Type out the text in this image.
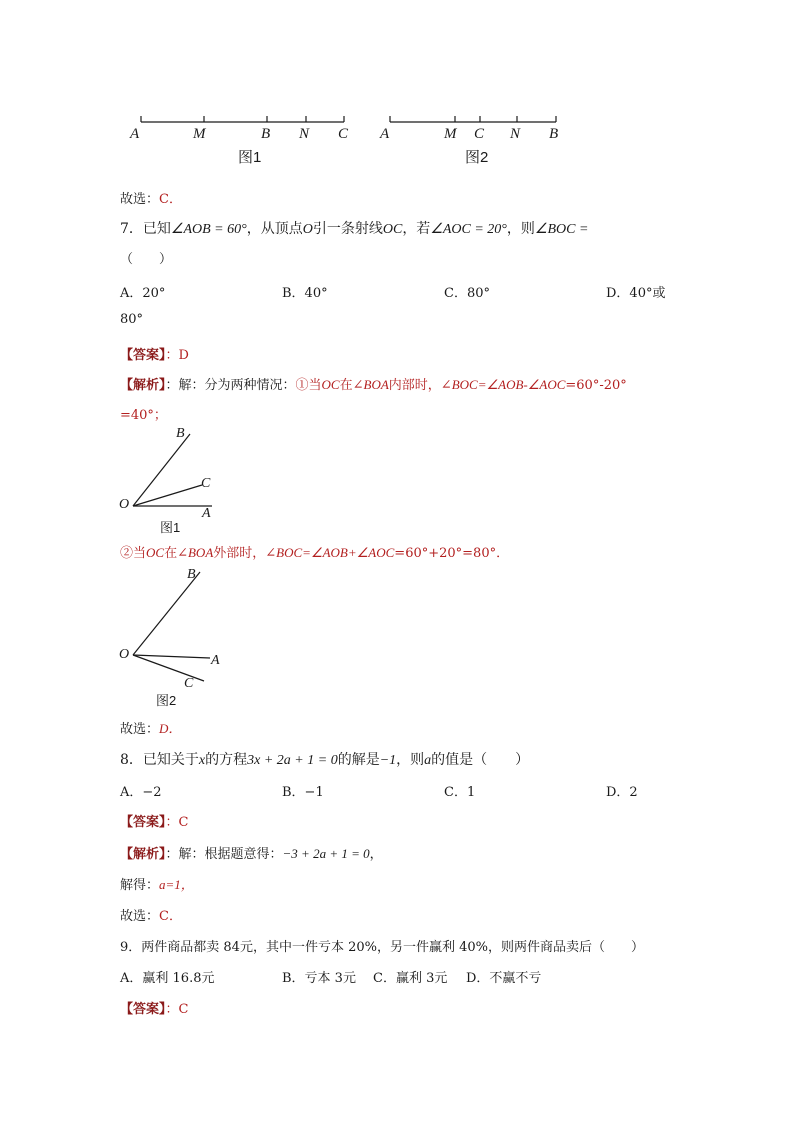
A	M	B N C
图1
A	M C N B
图2
故选：C．
7．已知∠AOB = 60°，从顶点O引一条射线OC，若∠AOC = 20°，则∠BOC =
（　　）
A．20°	B．40°	C．80°	D．40°或
80°
【答案】：D
【解析】：解：分为两种情况：①当OC在∠BOA内部时，∠BOC=∠AOB-∠AOC=60°-20°
=40°；
O
B
C
A
图1
②当OC在∠BOA外部时，∠BOC=∠AOB+∠AOC=60°+20°=80°．
O
B
A
C
图2
故选：D．
8．已知关于x的方程3x + 2a + 1 = 0的解是−1，则a的值是（　　）
A．−2	B．−1	C．1	D．2
【答案】：C
【解析】：解：根据题意得：−3 + 2a + 1 = 0，
解得：a=1，
故选：C．
9．两件商品都卖 84元，其中一件亏本 20%，另一件赢利 40%，则两件商品卖后（　　）
A．赢利 16.8元	B．亏本 3元 C．赢利 3元 D．不赢不亏
【答案】：C
